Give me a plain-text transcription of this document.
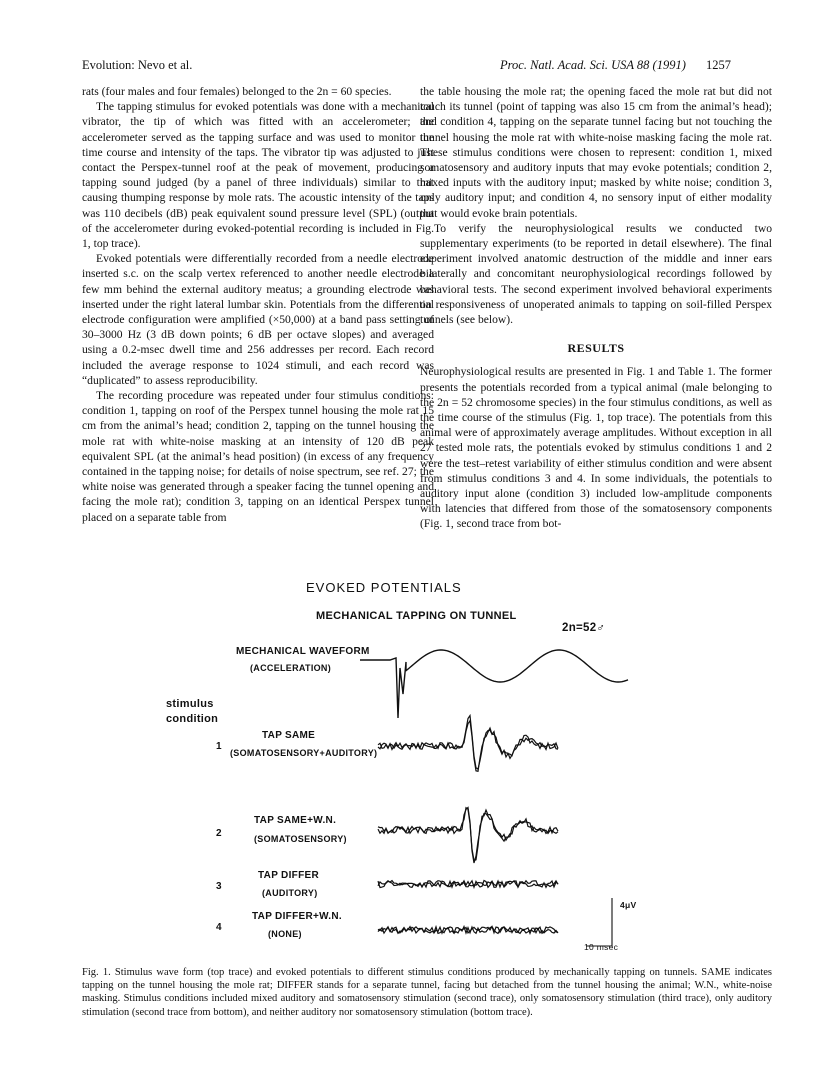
Evolution: Nevo et al.	Proc. Natl. Acad. Sci. USA 88 (1991) 1257

rats (four males and four females) belonged to the 2n = 60 species.

The tapping stimulus for evoked potentials was done with a mechanical vibrator, the tip of which was fitted with an accelerometer; the accelerometer served as the tapping surface and was used to monitor the time course and intensity of the taps. The vibrator tip was adjusted to just contact the Perspex-tunnel roof at the peak of movement, producing a tapping sound judged (by a panel of three individuals) similar to that causing thumping response by mole rats. The acoustic intensity of the taps was 110 decibels (dB) peak equivalent sound pressure level (SPL) (output of the accelerometer during evoked-potential recording is included in Fig. 1, top trace).

Evoked potentials were differentially recorded from a needle electrode inserted s.c. on the scalp vertex referenced to another needle electrode a few mm behind the external auditory meatus; a grounding electrode was inserted under the right lateral lumbar skin. Potentials from the differential electrode configuration were amplified (×50,000) at a band pass setting of 30–3000 Hz (3 dB down points; 6 dB per octave slopes) and averaged using a 0.2-msec dwell time and 256 addresses per record. Each record included the average response to 1024 stimuli, and each record was “duplicated” to assess reproducibility.

The recording procedure was repeated under four stimulus conditions: condition 1, tapping on roof of the Perspex tunnel housing the mole rat 15 cm from the animal’s head; condition 2, tapping on the tunnel housing the mole rat with white-noise masking at an intensity of 120 dB peak equivalent SPL (at the animal’s head position) (in excess of any frequency contained in the tapping noise; for details of noise spectrum, see ref. 27; the white noise was generated through a speaker facing the tunnel opening and facing the mole rat); condition 3, tapping on an identical Perspex tunnel placed on a separate table from

the table housing the mole rat; the opening faced the mole rat but did not touch its tunnel (point of tapping was also 15 cm from the animal’s head); and condition 4, tapping on the separate tunnel facing but not touching the tunnel housing the mole rat with white-noise masking facing the mole rat. These stimulus conditions were chosen to represent: condition 1, mixed somatosensory and auditory inputs that may evoke potentials; condition 2, mixed inputs with the auditory input; masked by white noise; condition 3, only auditory input; and condition 4, no sensory input of either modality that would evoke brain potentials.

To verify the neurophysiological results we conducted two supplementary experiments (to be reported in detail elsewhere). The final experiment involved anatomic destruction of the middle and inner ears bilaterally and concomitant neurophysiological recordings followed by behavioral tests. The second experiment involved behavioral experiments on responsiveness of unoperated animals to tapping on soil-filled Perspex tunnels (see below).

RESULTS

Neurophysiological results are presented in Fig. 1 and Table 1. The former presents the potentials recorded from a typical animal (male belonging to the 2n = 52 chromosome species) in the four stimulus conditions, as well as the time course of the stimulus (Fig. 1, top trace). The potentials from this animal were of approximately average amplitudes. Without exception in all 27 tested mole rats, the potentials evoked by stimulus conditions 1 and 2 were the test–retest variability of either stimulus condition and were absent from stimulus conditions 3 and 4. In some individuals, the potentials to auditory input alone (condition 3) included low-amplitude components with latencies that differed from those of the somatosensory components (Fig. 1, second trace from bot-

EVOKED POTENTIALS
MECHANICAL TAPPING ON TUNNEL
2n=52♂
MECHANICAL WAVEFORM
(ACCELERATION)
stimulus
condition
1
TAP SAME
(SOMATOSENSORY+AUDITORY)
2
TAP SAME+W.N.
(SOMATOSENSORY)
3
TAP DIFFER
(AUDITORY)
4
TAP DIFFER+W.N.
(NONE)
4μV
10 msec
Fig. 1. Stimulus wave form (top trace) and evoked potentials to different stimulus conditions produced by mechanically tapping on tunnels. SAME indicates tapping on the tunnel housing the mole rat; DIFFER stands for a separate tunnel, facing but detached from the tunnel housing the animal; W.N., white-noise masking. Stimulus conditions included mixed auditory and somatosensory stimulation (second trace), only somatosensory stimulation (third trace), only auditory stimulation (second trace from bottom), and neither auditory nor somatosensory stimulation (bottom trace).
